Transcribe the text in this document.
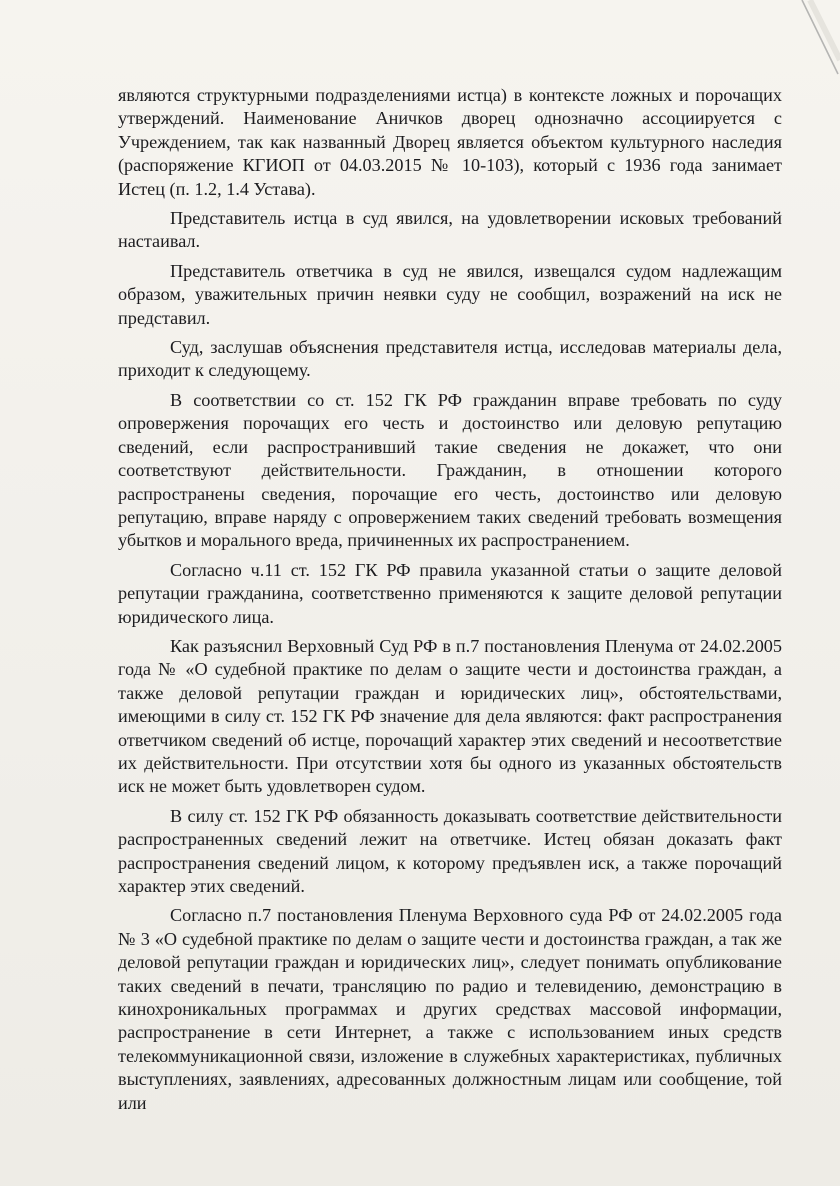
являются структурными подразделениями истца) в контексте ложных и порочащих утверждений. Наименование Аничков дворец однозначно ассоциируется с Учреждением, так как названный Дворец является объектом культурного наследия (распоряжение КГИОП от 04.03.2015 № 10-103), который с 1936 года занимает Истец (п. 1.2, 1.4 Устава).

Представитель истца в суд явился, на удовлетворении исковых требований настаивал.

Представитель ответчика в суд не явился, извещался судом надлежащим образом, уважительных причин неявки суду не сообщил, возражений на иск не представил.

Суд, заслушав объяснения представителя истца, исследовав материалы дела, приходит к следующему.

В соответствии со ст. 152 ГК РФ гражданин вправе требовать по суду опровержения порочащих его честь и достоинство или деловую репутацию сведений, если распространивший такие сведения не докажет, что они соответствуют действительности. Гражданин, в отношении которого распространены сведения, порочащие его честь, достоинство или деловую репутацию, вправе наряду с опровержением таких сведений требовать возмещения убытков и морального вреда, причиненных их распространением.

Согласно ч.11 ст. 152 ГК РФ правила указанной статьи о защите деловой репутации гражданина, соответственно применяются к защите деловой репутации юридического лица.

Как разъяснил Верховный Суд РФ в п.7 постановления Пленума от 24.02.2005 года № «О судебной практике по делам о защите чести и достоинства граждан, а также деловой репутации граждан и юридических лиц», обстоятельствами, имеющими в силу ст. 152 ГК РФ значение для дела являются: факт распространения ответчиком сведений об истце, порочащий характер этих сведений и несоответствие их действительности. При отсутствии хотя бы одного из указанных обстоятельств иск не может быть удовлетворен судом.

В силу ст. 152 ГК РФ обязанность доказывать соответствие действительности распространенных сведений лежит на ответчике. Истец обязан доказать факт распространения сведений лицом, к которому предъявлен иск, а также порочащий характер этих сведений.

Согласно п.7 постановления Пленума Верховного суда РФ от 24.02.2005 года № 3 «О судебной практике по делам о защите чести и достоинства граждан, а так же деловой репутации граждан и юридических лиц», следует понимать опубликование таких сведений в печати, трансляцию по радио и телевидению, демонстрацию в кинохроникальных программах и других средствах массовой информации, распространение в сети Интернет, а также с использованием иных средств телекоммуникационной связи, изложение в служебных характеристиках, публичных выступлениях, заявлениях, адресованных должностным лицам или сообщение, той или
